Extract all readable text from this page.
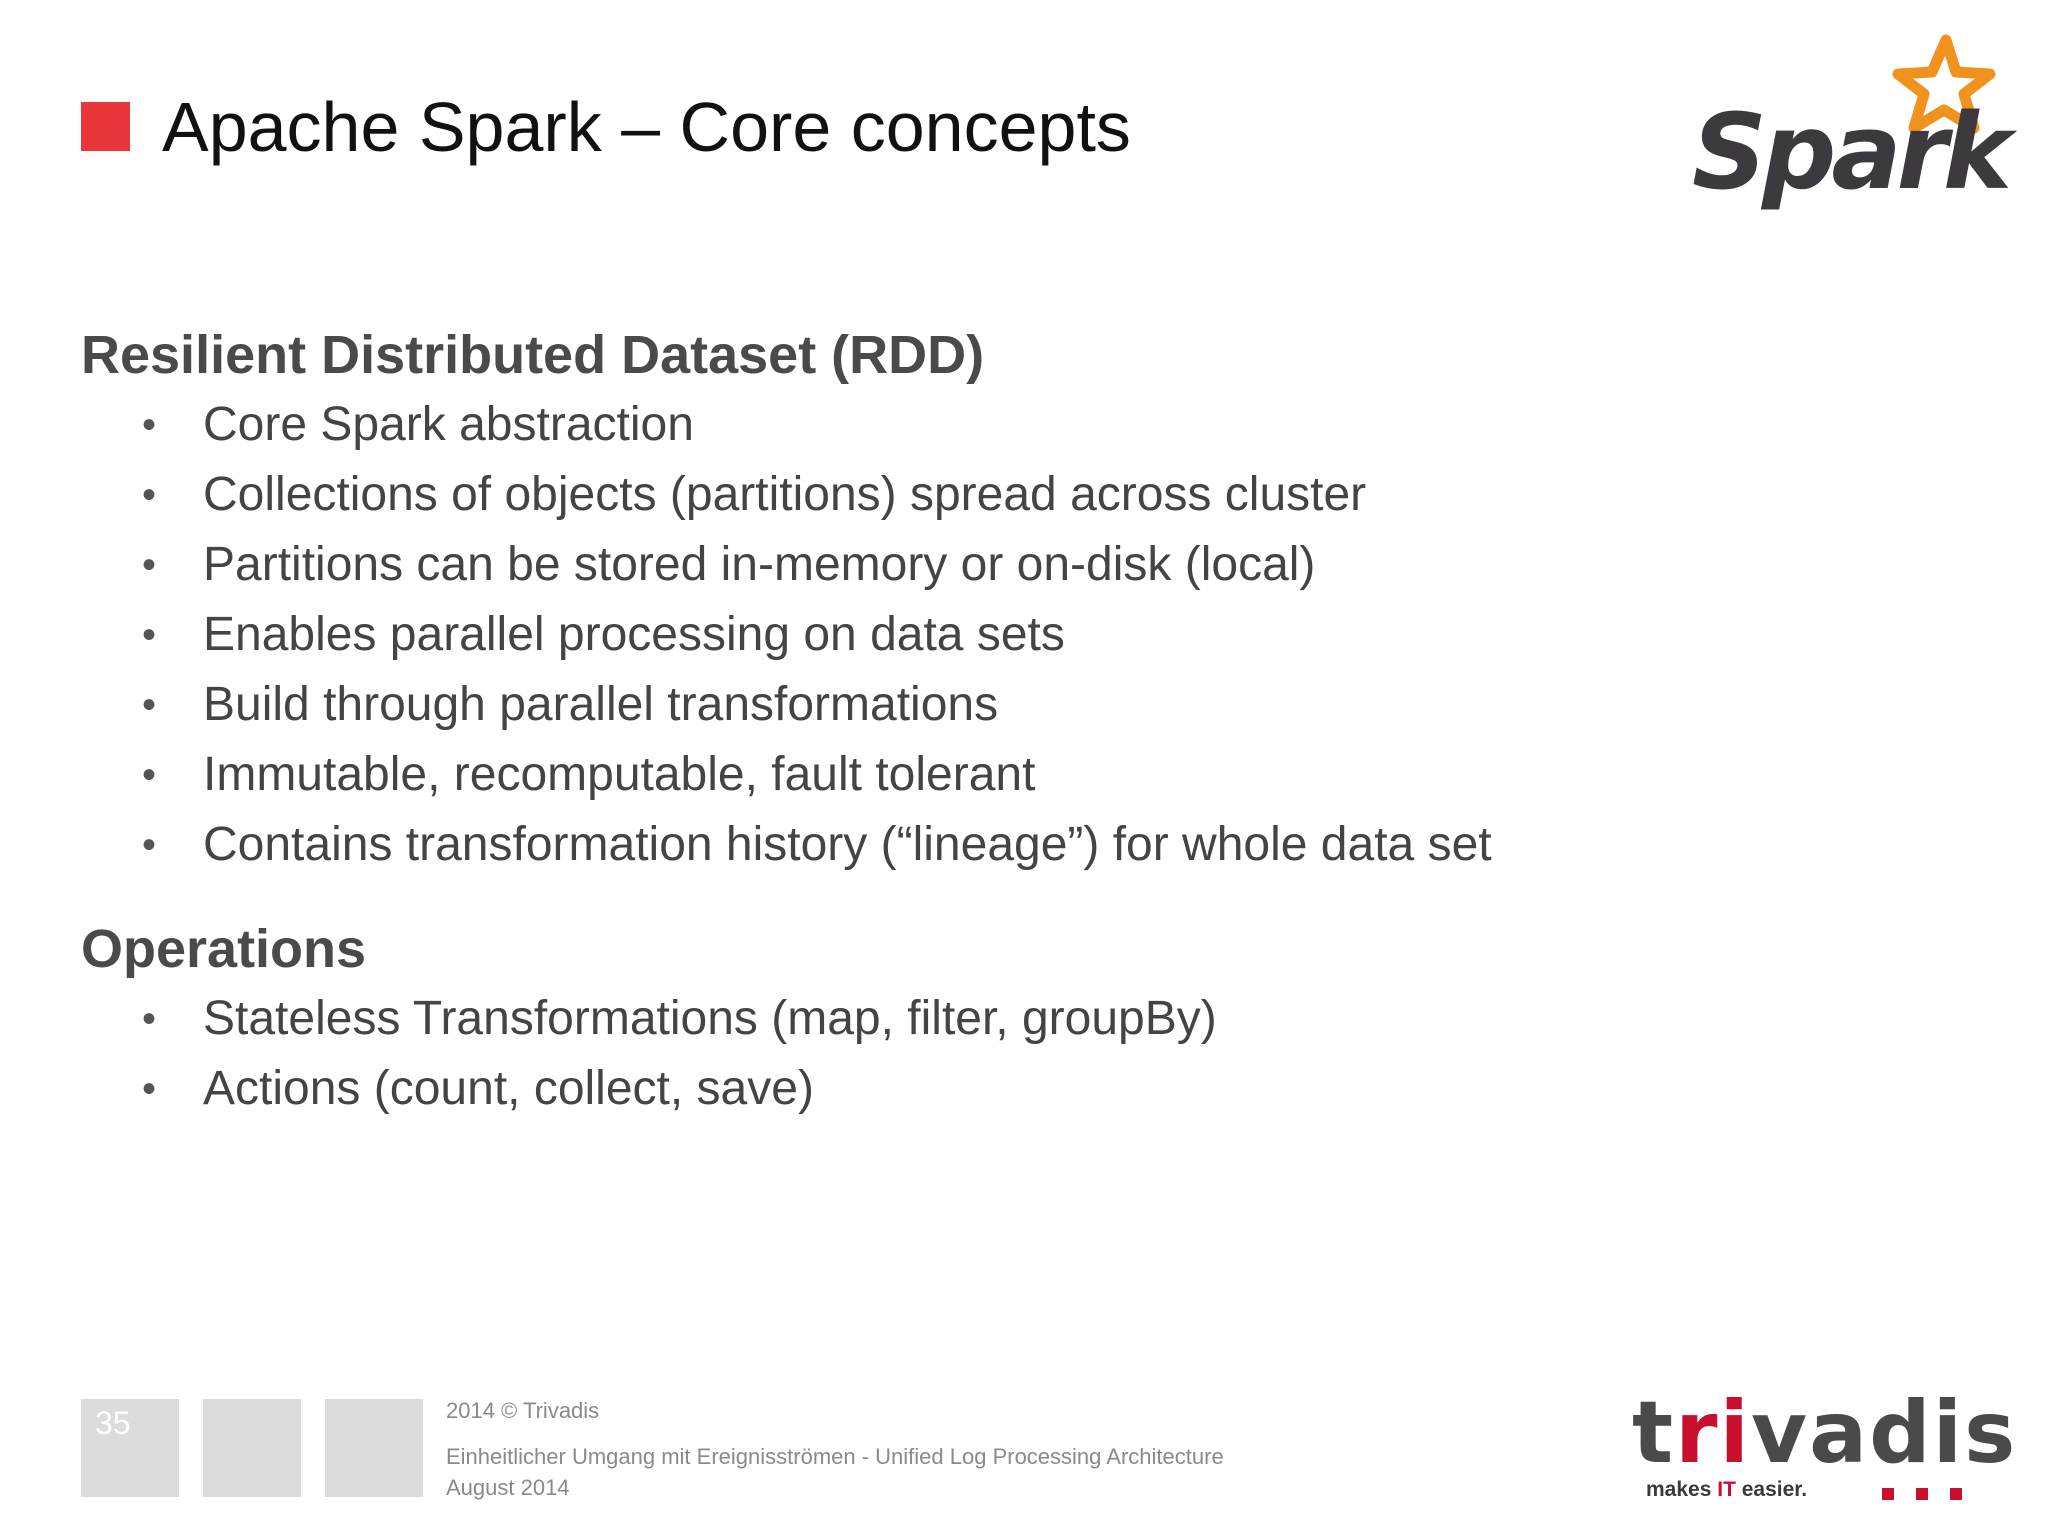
Apache Spark – Core concepts	Spark
Resilient Distributed Dataset (RDD)
• Core Spark abstraction
• Collections of objects (partitions) spread across cluster
• Partitions can be stored in-memory or on-disk (local)
• Enables parallel processing on data sets
• Build through parallel transformations
• Immutable, recomputable, fault tolerant
• Contains transformation history (“lineage”) for whole data set
Operations
• Stateless Transformations (map, filter, groupBy)
• Actions (count, collect, save)
35	2014 © Trivadis
Einheitlicher Umgang mit Ereignisströmen - Unified Log Processing Architecture
August 2014
trivadis
makes IT easier.
